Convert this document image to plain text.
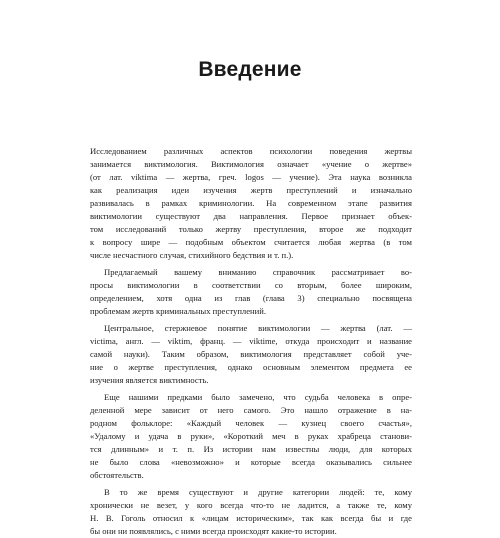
Введение
Исследованием различных аспектов психологии поведения жертвы
занимается виктимология. Виктимология означает «учение о жертве»
(от лат. viktima — жертва, греч. logos — учение). Эта наука возникла
как реализация идеи изучения жертв преступлений и изначально
развивалась в рамках криминологии. На современном этапе развития
виктимологии существуют два направления. Первое признает объек-
том исследований только жертву преступления, второе же подходит
к вопросу шире — подобным объектом считается любая жертва (в том
числе несчастного случая, стихийного бедствия и т. п.).
Предлагаемый вашему вниманию справочник рассматривает во-
просы виктимологии в соответствии со вторым, более широким,
определением, хотя одна из глав (глава 3) специально посвящена
проблемам жертв криминальных преступлений.
Центральное, стержневое понятие виктимологии — жертва (лат. —
victima, англ. — viktim, франц. — viktime, откуда происходит и название
самой науки). Таким образом, виктимология представляет собой уче-
ние о жертве преступления, однако основным элементом предмета ее
изучения является виктимность.
Еще нашими предками было замечено, что судьба человека в опре-
деленной мере зависит от него самого. Это нашло отражение в на-
родном фольклоре: «Каждый человек — кузнец своего счастья»,
«Удалому и удача в руки», «Короткий меч в руках храбреца станови-
тся длинным» и т. п. Из истории нам известны люди, для которых
не было слова «невозможно» и которые всегда оказывались сильнее
обстоятельств.
В то же время существуют и другие категории людей: те, кому
хронически не везет, у кого всегда что-то не ладится, а также те, кому
Н. В. Гоголь относил к «лицам историческим», так как всегда бы и где
бы они ни появлялись, с ними всегда происходят какие-то истории.
